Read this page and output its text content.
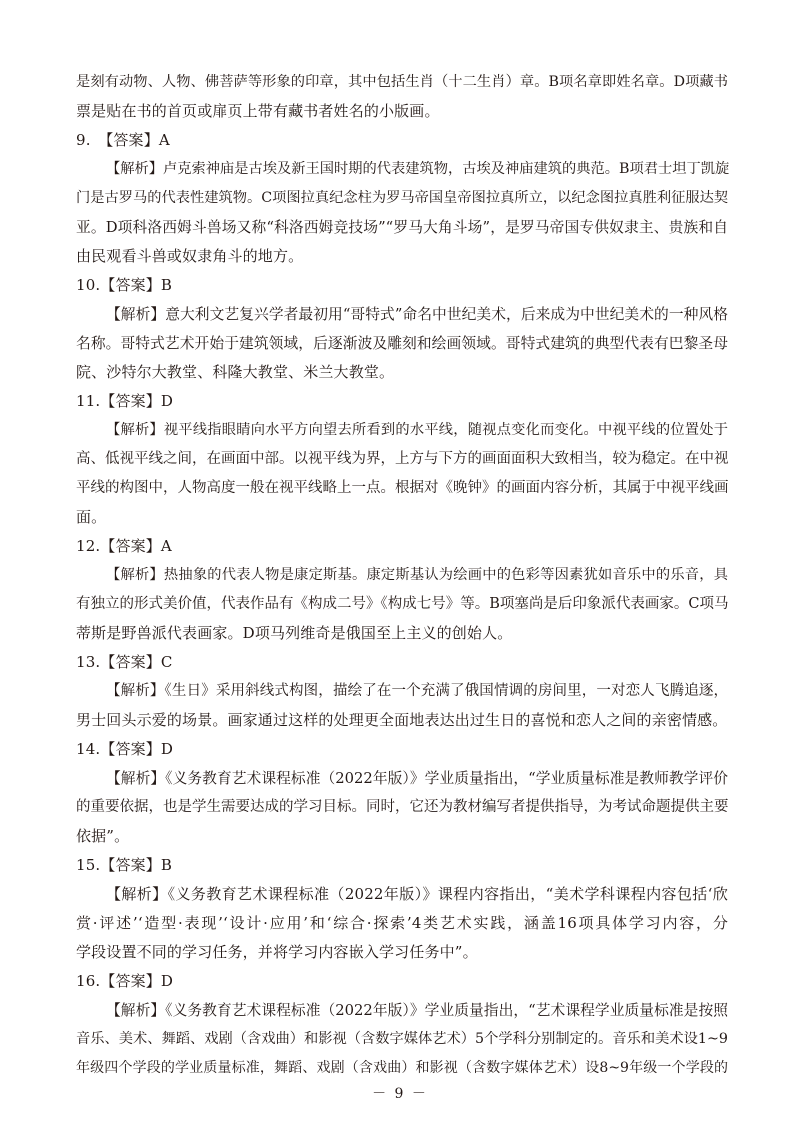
是刻有动物、人物、佛菩萨等形象的印章，其中包括生肖（十二生肖）章。B项名章即姓名章。D项藏书
票是贴在书的首页或扉页上带有藏书者姓名的小版画。
9.　【答案】A
【解析】卢克索神庙是古埃及新王国时期的代表建筑物，古埃及神庙建筑的典范。B项君士坦丁凯旋
门是古罗马的代表性建筑物。C项图拉真纪念柱为罗马帝国皇帝图拉真所立，以纪念图拉真胜利征服达契
亚。D项科洛西姆斗兽场又称“科洛西姆竞技场”“罗马大角斗场”，是罗马帝国专供奴隶主、贵族和自
由民观看斗兽或奴隶角斗的地方。
10.【答案】B
【解析】意大利文艺复兴学者最初用“哥特式”命名中世纪美术，后来成为中世纪美术的一种风格
名称。哥特式艺术开始于建筑领域，后逐渐波及雕刻和绘画领域。哥特式建筑的典型代表有巴黎圣母
院、沙特尔大教堂、科隆大教堂、米兰大教堂。
11.【答案】D
【解析】视平线指眼睛向水平方向望去所看到的水平线，随视点变化而变化。中视平线的位置处于
高、低视平线之间，在画面中部。以视平线为界，上方与下方的画面面积大致相当，较为稳定。在中视
平线的构图中，人物高度一般在视平线略上一点。根据对《晚钟》的画面内容分析，其属于中视平线画
面。
12.【答案】A
【解析】热抽象的代表人物是康定斯基。康定斯基认为绘画中的色彩等因素犹如音乐中的乐音，具
有独立的形式美价值，代表作品有《构成二号》《构成七号》等。B项塞尚是后印象派代表画家。C项马
蒂斯是野兽派代表画家。D项马列维奇是俄国至上主义的创始人。
13.【答案】C
【解析】《生日》采用斜线式构图，描绘了在一个充满了俄国情调的房间里，一对恋人飞腾追逐，
男士回头示爱的场景。画家通过这样的处理更全面地表达出过生日的喜悦和恋人之间的亲密情感。
14.【答案】D
【解析】《义务教育艺术课程标准（2022年版）》学业质量指出，“学业质量标准是教师教学评价
的重要依据，也是学生需要达成的学习目标。同时，它还为教材编写者提供指导，为考试命题提供主要
依据”。
15.【答案】B
【解析】《义务教育艺术课程标准（2022年版）》课程内容指出，“美术学科课程内容包括‘欣
赏·评述’‘造型·表现’‘设计·应用’和‘综合·探索’4类艺术实践，涵盖16项具体学习内容，分
学段设置不同的学习任务，并将学习内容嵌入学习任务中”。
16.【答案】D
【解析】《义务教育艺术课程标准（2022年版）》学业质量指出，“艺术课程学业质量标准是按照
音乐、美术、舞蹈、戏剧（含戏曲）和影视（含数字媒体艺术）5个学科分别制定的。音乐和美术设1~9
年级四个学段的学业质量标准，舞蹈、戏剧（含戏曲）和影视（含数字媒体艺术）设8~9年级一个学段的
－ 9 －
